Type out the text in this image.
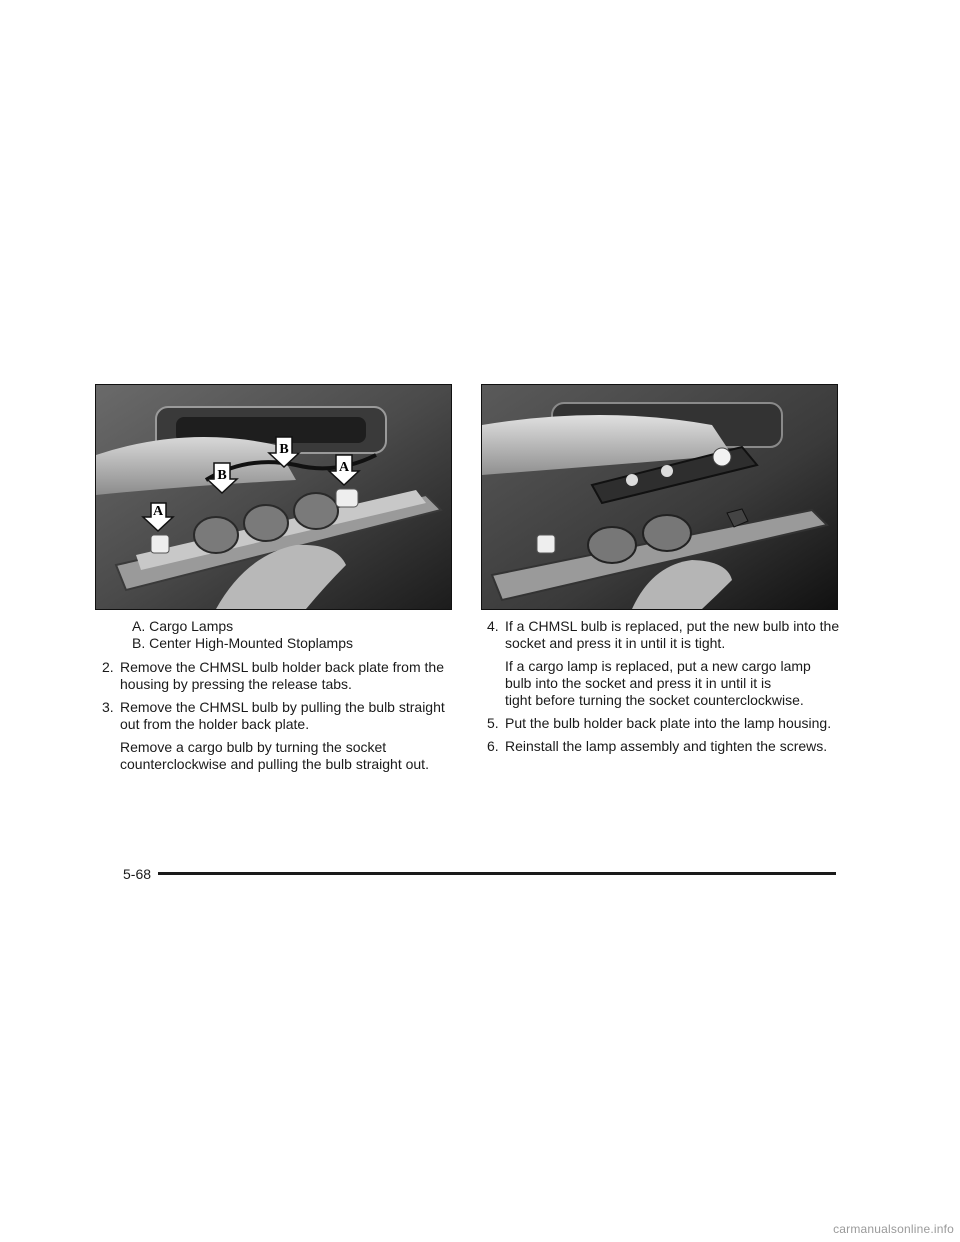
A
B
B
A
A. Cargo Lamps
B. Center High-Mounted Stoplamps
2. Remove the CHMSL bulb holder back plate from the housing by pressing the release tabs.
3. Remove the CHMSL bulb by pulling the bulb straight out from the holder back plate.
Remove a cargo bulb by turning the socket
counterclockwise and pulling the bulb straight out.
4. If a CHMSL bulb is replaced, put the new bulb into the socket and press it in until it is tight.
If a cargo lamp is replaced, put a new cargo lamp
bulb into the socket and press it in until it is
tight before turning the socket counterclockwise.
5. Put the bulb holder back plate into the lamp housing.
6. Reinstall the lamp assembly and tighten the screws.
5-68
carmanualsonline.info
